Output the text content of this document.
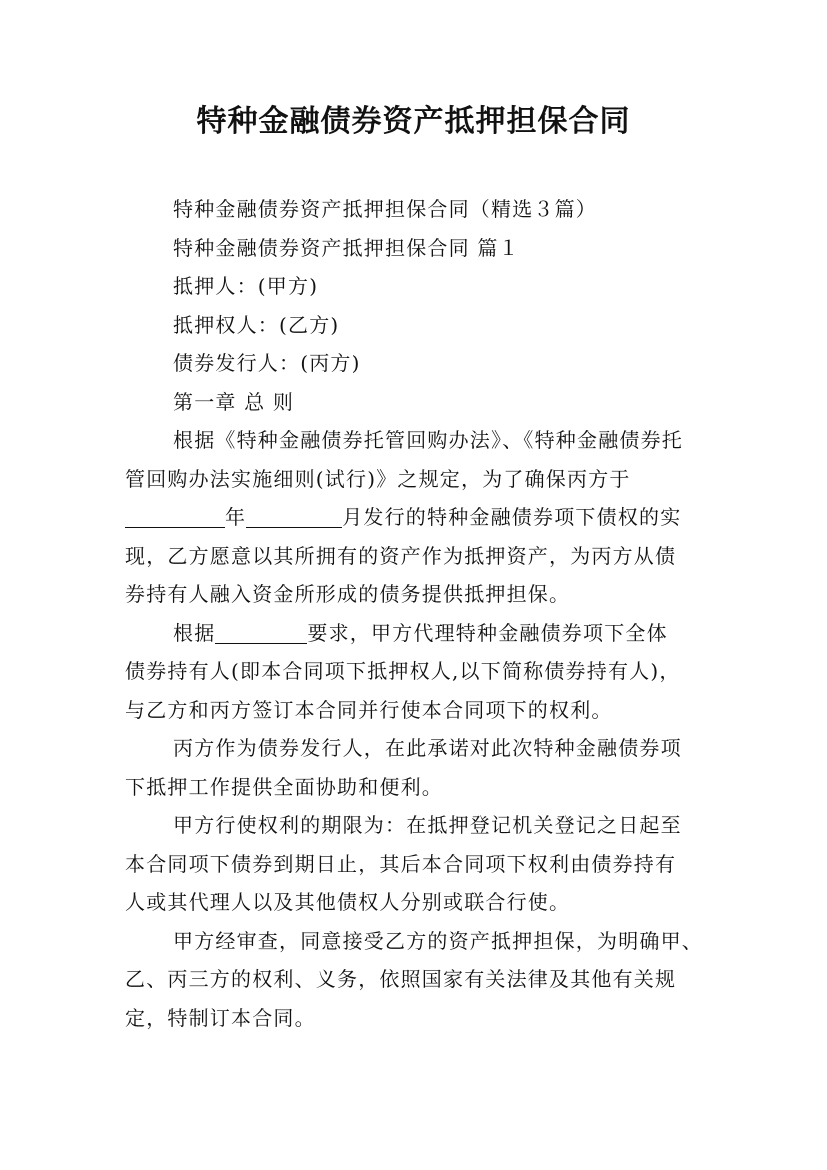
特种金融债券资产抵押担保合同
特种金融债券资产抵押担保合同（精选３篇）
特种金融债券资产抵押担保合同 篇１
抵押人：(甲方)
抵押权人：(乙方)
债券发行人：(丙方)
第一章 总 则
根据《特种金融债券托管回购办法》、《特种金融债券托
管回购办法实施细则(试行)》之规定，为了确保丙方于
年	月发行的特种金融债券项下债权的实
现，乙方愿意以其所拥有的资产作为抵押资产，为丙方从债
券持有人融入资金所形成的债务提供抵押担保。
根据	要求，甲方代理特种金融债券项下全体
债券持有人(即本合同项下抵押权人,以下简称债券持有人)，
与乙方和丙方签订本合同并行使本合同项下的权利。
丙方作为债券发行人，在此承诺对此次特种金融债券项
下抵押工作提供全面协助和便利。
甲方行使权利的期限为：在抵押登记机关登记之日起至
本合同项下债券到期日止，其后本合同项下权利由债券持有
人或其代理人以及其他债权人分别或联合行使。
甲方经审查，同意接受乙方的资产抵押担保，为明确甲、
乙、丙三方的权利、义务，依照国家有关法律及其他有关规
定，特制订本合同。
